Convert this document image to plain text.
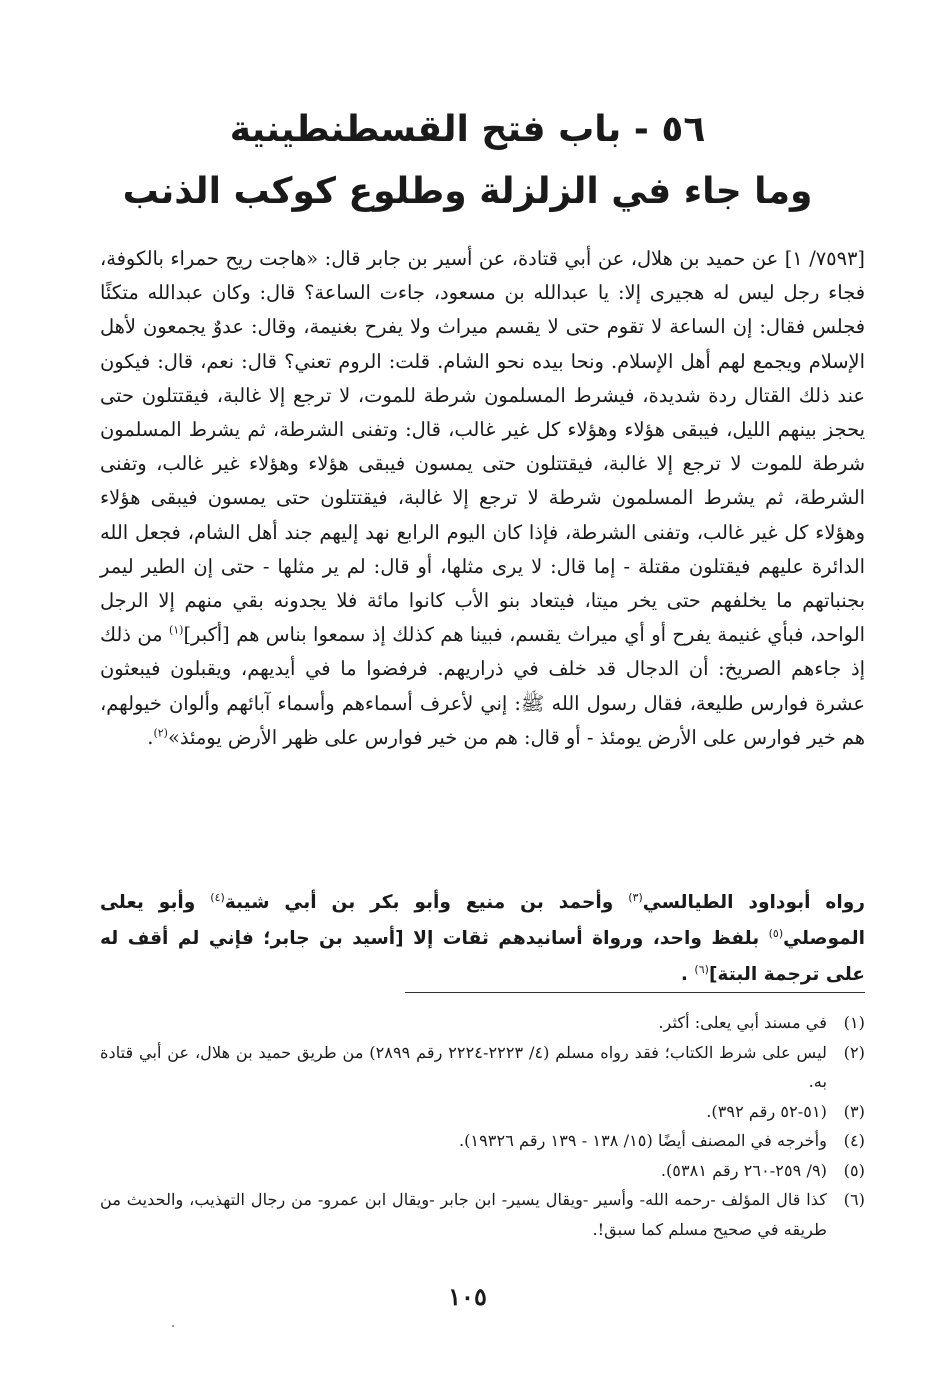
٥٦ - باب فتح القسطنطينية
وما جاء في الزلزلة وطلوع كوكب الذنب

[٧٥٩٣/ ١] عن حميد بن هلال، عن أبي قتادة، عن أسير بن جابر قال: «هاجت ريح حمراء بالكوفة، فجاء رجل ليس له هجيرى إلا: يا عبدالله بن مسعود، جاءت الساعة؟ قال: وكان عبدالله متكئًا فجلس فقال: إن الساعة لا تقوم حتى لا يقسم ميراث ولا يفرح بغنيمة، وقال: عدوٌ يجمعون لأهل الإسلام ويجمع لهم أهل الإسلام. ونحا بيده نحو الشام. قلت: الروم تعني؟ قال: نعم، قال: فيكون عند ذلك القتال ردة شديدة، فيشرط المسلمون شرطة للموت، لا ترجع إلا غالبة، فيقتتلون حتى يحجز بينهم الليل، فيبقى هؤلاء وهؤلاء كل غير غالب، قال: وتفنى الشرطة، ثم يشرط المسلمون شرطة للموت لا ترجع إلا غالبة، فيقتتلون حتى يمسون فيبقى هؤلاء وهؤلاء غير غالب، وتفنى الشرطة، ثم يشرط المسلمون شرطة لا ترجع إلا غالبة، فيقتتلون حتى يمسون فيبقى هؤلاء وهؤلاء كل غير غالب، وتفنى الشرطة، فإذا كان اليوم الرابع نهد إليهم جند أهل الشام، فجعل الله الدائرة عليهم فيقتلون مقتلة - إما قال: لا يرى مثلها، أو قال: لم ير مثلها - حتى إن الطير ليمر بجنباتهم ما يخلفهم حتى يخر ميتا، فيتعاد بنو الأب كانوا مائة فلا يجدونه بقي منهم إلا الرجل الواحد، فبأي غنيمة يفرح أو أي ميراث يقسم، فبينا هم كذلك إذ سمعوا بناس هم [أكبر]$^{(١)}$ من ذلك إذ جاءهم الصريخ: أن الدجال قد خلف في ذراريهم. فرفضوا ما في أيديهم، ويقبلون فيبعثون عشرة فوارس طليعة، فقال رسول الله ﷺ: إني لأعرف أسماءهم وأسماء آبائهم وألوان خيولهم، هم خير فوارس على الأرض يومئذ - أو قال: هم من خير فوارس على ظهر الأرض يومئذ»$^{(٢)}$.

رواه أبوداود الطيالسي$^{(٣)}$ وأحمد بن منيع وأبو بكر بن أبي شيبة$^{(٤)}$ وأبو يعلى الموصلي$^{(٥)}$ بلفظ واحد، ورواة أسانيدهم ثقات إلا [أسيد بن جابر؛ فإني لم أقف له على ترجمة البتة]$^{(٦)}$ .
(١)
في مسند أبي يعلى: أكثر.
(٢)
ليس على شرط الكتاب؛ فقد رواه مسلم (٤/ ٢٢٢٣-٢٢٢٤ رقم ٢٨٩٩) من طريق حميد بن هلال، عن أبي قتادة به.
(٣)
(٥١-٥٢ رقم ٣٩٢).
(٤)
وأخرجه في المصنف أيضًا (١٥/ ١٣٨ - ١٣٩ رقم ١٩٣٢٦).
(٥)
(٩/ ٢٥٩-٢٦٠ رقم ٥٣٨١).
(٦)
كذا قال المؤلف -رحمه الله- وأسير -ويقال يسير- ابن جابر -ويقال ابن عمرو- من رجال التهذيب، والحديث من طريقه في صحيح مسلم كما سبق!.
١٠٥
